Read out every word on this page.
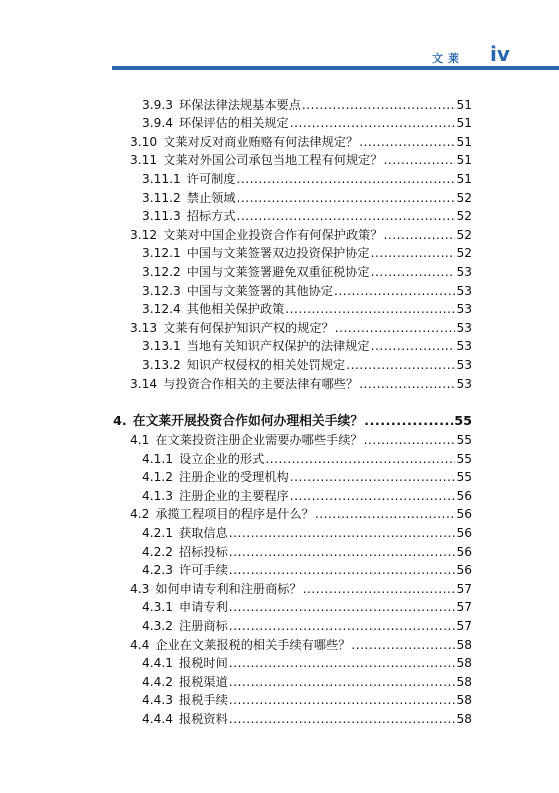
文莱 iv
3.9.3 环保法律法规基本要点 .....	51
3.9.4 环保评估的相关规定 .....	51
3.10 文莱对反对商业贿赂有何法律规定？ .....	51
3.11 文莱对外国公司承包当地工程有何规定？ .....	51
3.11.1 许可制度 .....	51
3.11.2 禁止领域 .....	52
3.11.3 招标方式 .....	52
3.12 文莱对中国企业投资合作有何保护政策？ .....	52
3.12.1 中国与文莱签署双边投资保护协定 .....	52
3.12.2 中国与文莱签署避免双重征税协定 .....	53
3.12.3 中国与文莱签署的其他协定 .....	53
3.12.4 其他相关保护政策 .....	53
3.13 文莱有何保护知识产权的规定？ .....	53
3.13.1 当地有关知识产权保护的法律规定 .....	53
3.13.2 知识产权侵权的相关处罚规定 .....	53
3.14 与投资合作相关的主要法律有哪些？ .....	53
4. 在文莱开展投资合作如何办理相关手续？ .....	55
4.1 在文莱投资注册企业需要办哪些手续？ .....	55
4.1.1 设立企业的形式 .....	55
4.1.2 注册企业的受理机构 .....	55
4.1.3 注册企业的主要程序 .....	56
4.2 承揽工程项目的程序是什么？ .....	56
4.2.1 获取信息 .....	56
4.2.2 招标投标 .....	56
4.2.3 许可手续 .....	56
4.3 如何申请专利和注册商标？ .....	57
4.3.1 申请专利 .....	57
4.3.2 注册商标 .....	57
4.4 企业在文莱报税的相关手续有哪些？ .....	58
4.4.1 报税时间 .....	58
4.4.2 报税渠道 .....	58
4.4.3 报税手续 .....	58
4.4.4 报税资料 .....	58
